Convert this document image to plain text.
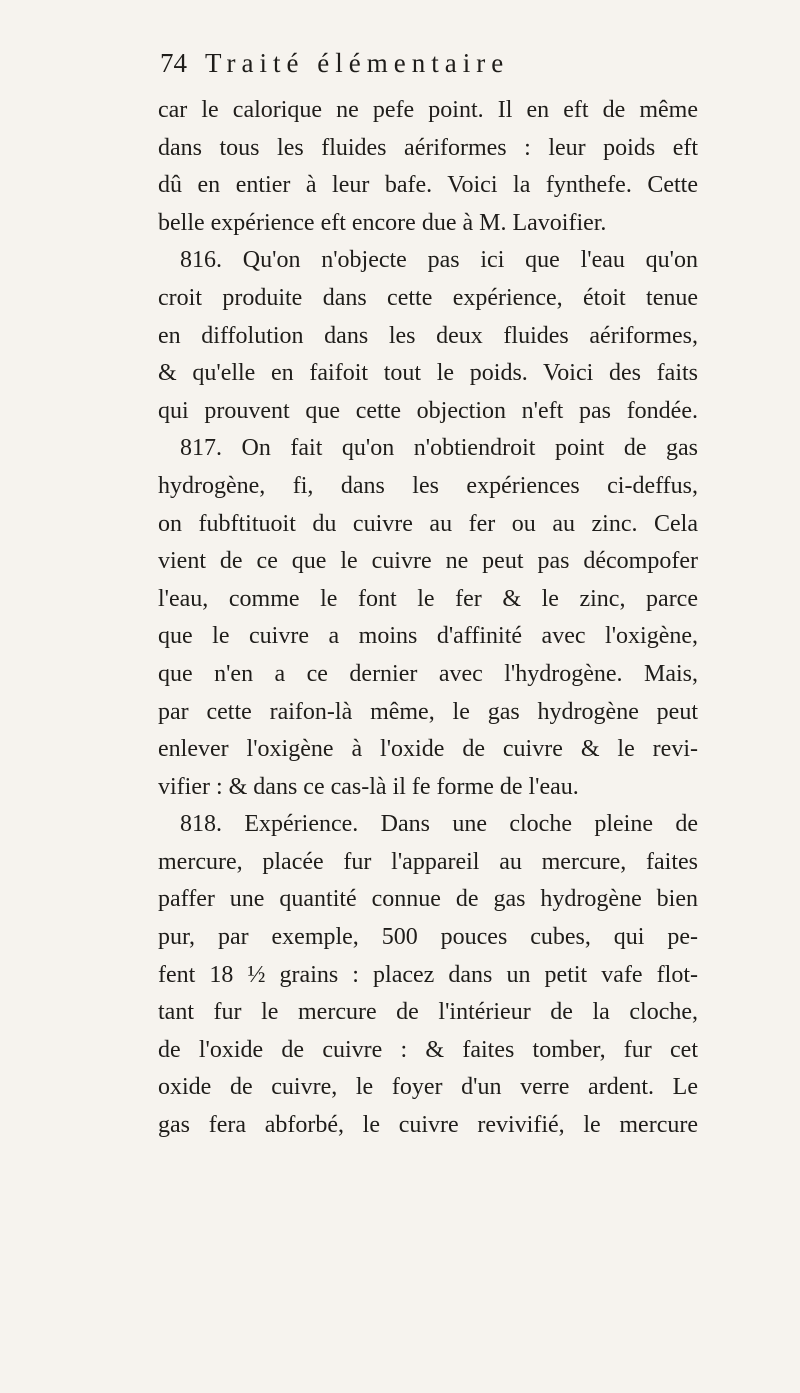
74 Traité élémentaire
car le calorique ne pefe point. Il en eft de même
dans tous les fluides aériformes : leur poids eft
dû en entier à leur bafe. Voici la fynthefe. Cette
belle expérience eft encore due à M. Lavoifier.
816. Qu'on n'objecte pas ici que l'eau qu'on
croit produite dans cette expérience, étoit tenue
en diffolution dans les deux fluides aériformes,
& qu'elle en faifoit tout le poids. Voici des faits
qui prouvent que cette objection n'eft pas fondée.
817. On fait qu'on n'obtiendroit point de gas
hydrogène, fi, dans les expériences ci-deffus,
on fubftituoit du cuivre au fer ou au zinc. Cela
vient de ce que le cuivre ne peut pas décompofer
l'eau, comme le font le fer & le zinc, parce
que le cuivre a moins d'affinité avec l'oxigène,
que n'en a ce dernier avec l'hydrogène. Mais,
par cette raifon-là même, le gas hydrogène peut
enlever l'oxigène à l'oxide de cuivre & le revi-
vifier : & dans ce cas-là il fe forme de l'eau.
818. Expérience. Dans une cloche pleine de
mercure, placée fur l'appareil au mercure, faites
paffer une quantité connue de gas hydrogène bien
pur, par exemple, 500 pouces cubes, qui pe-
fent 18 ½ grains : placez dans un petit vafe flot-
tant fur le mercure de l'intérieur de la cloche,
de l'oxide de cuivre : & faites tomber, fur cet
oxide de cuivre, le foyer d'un verre ardent. Le
gas fera abforbé, le cuivre revivifié, le mercure
